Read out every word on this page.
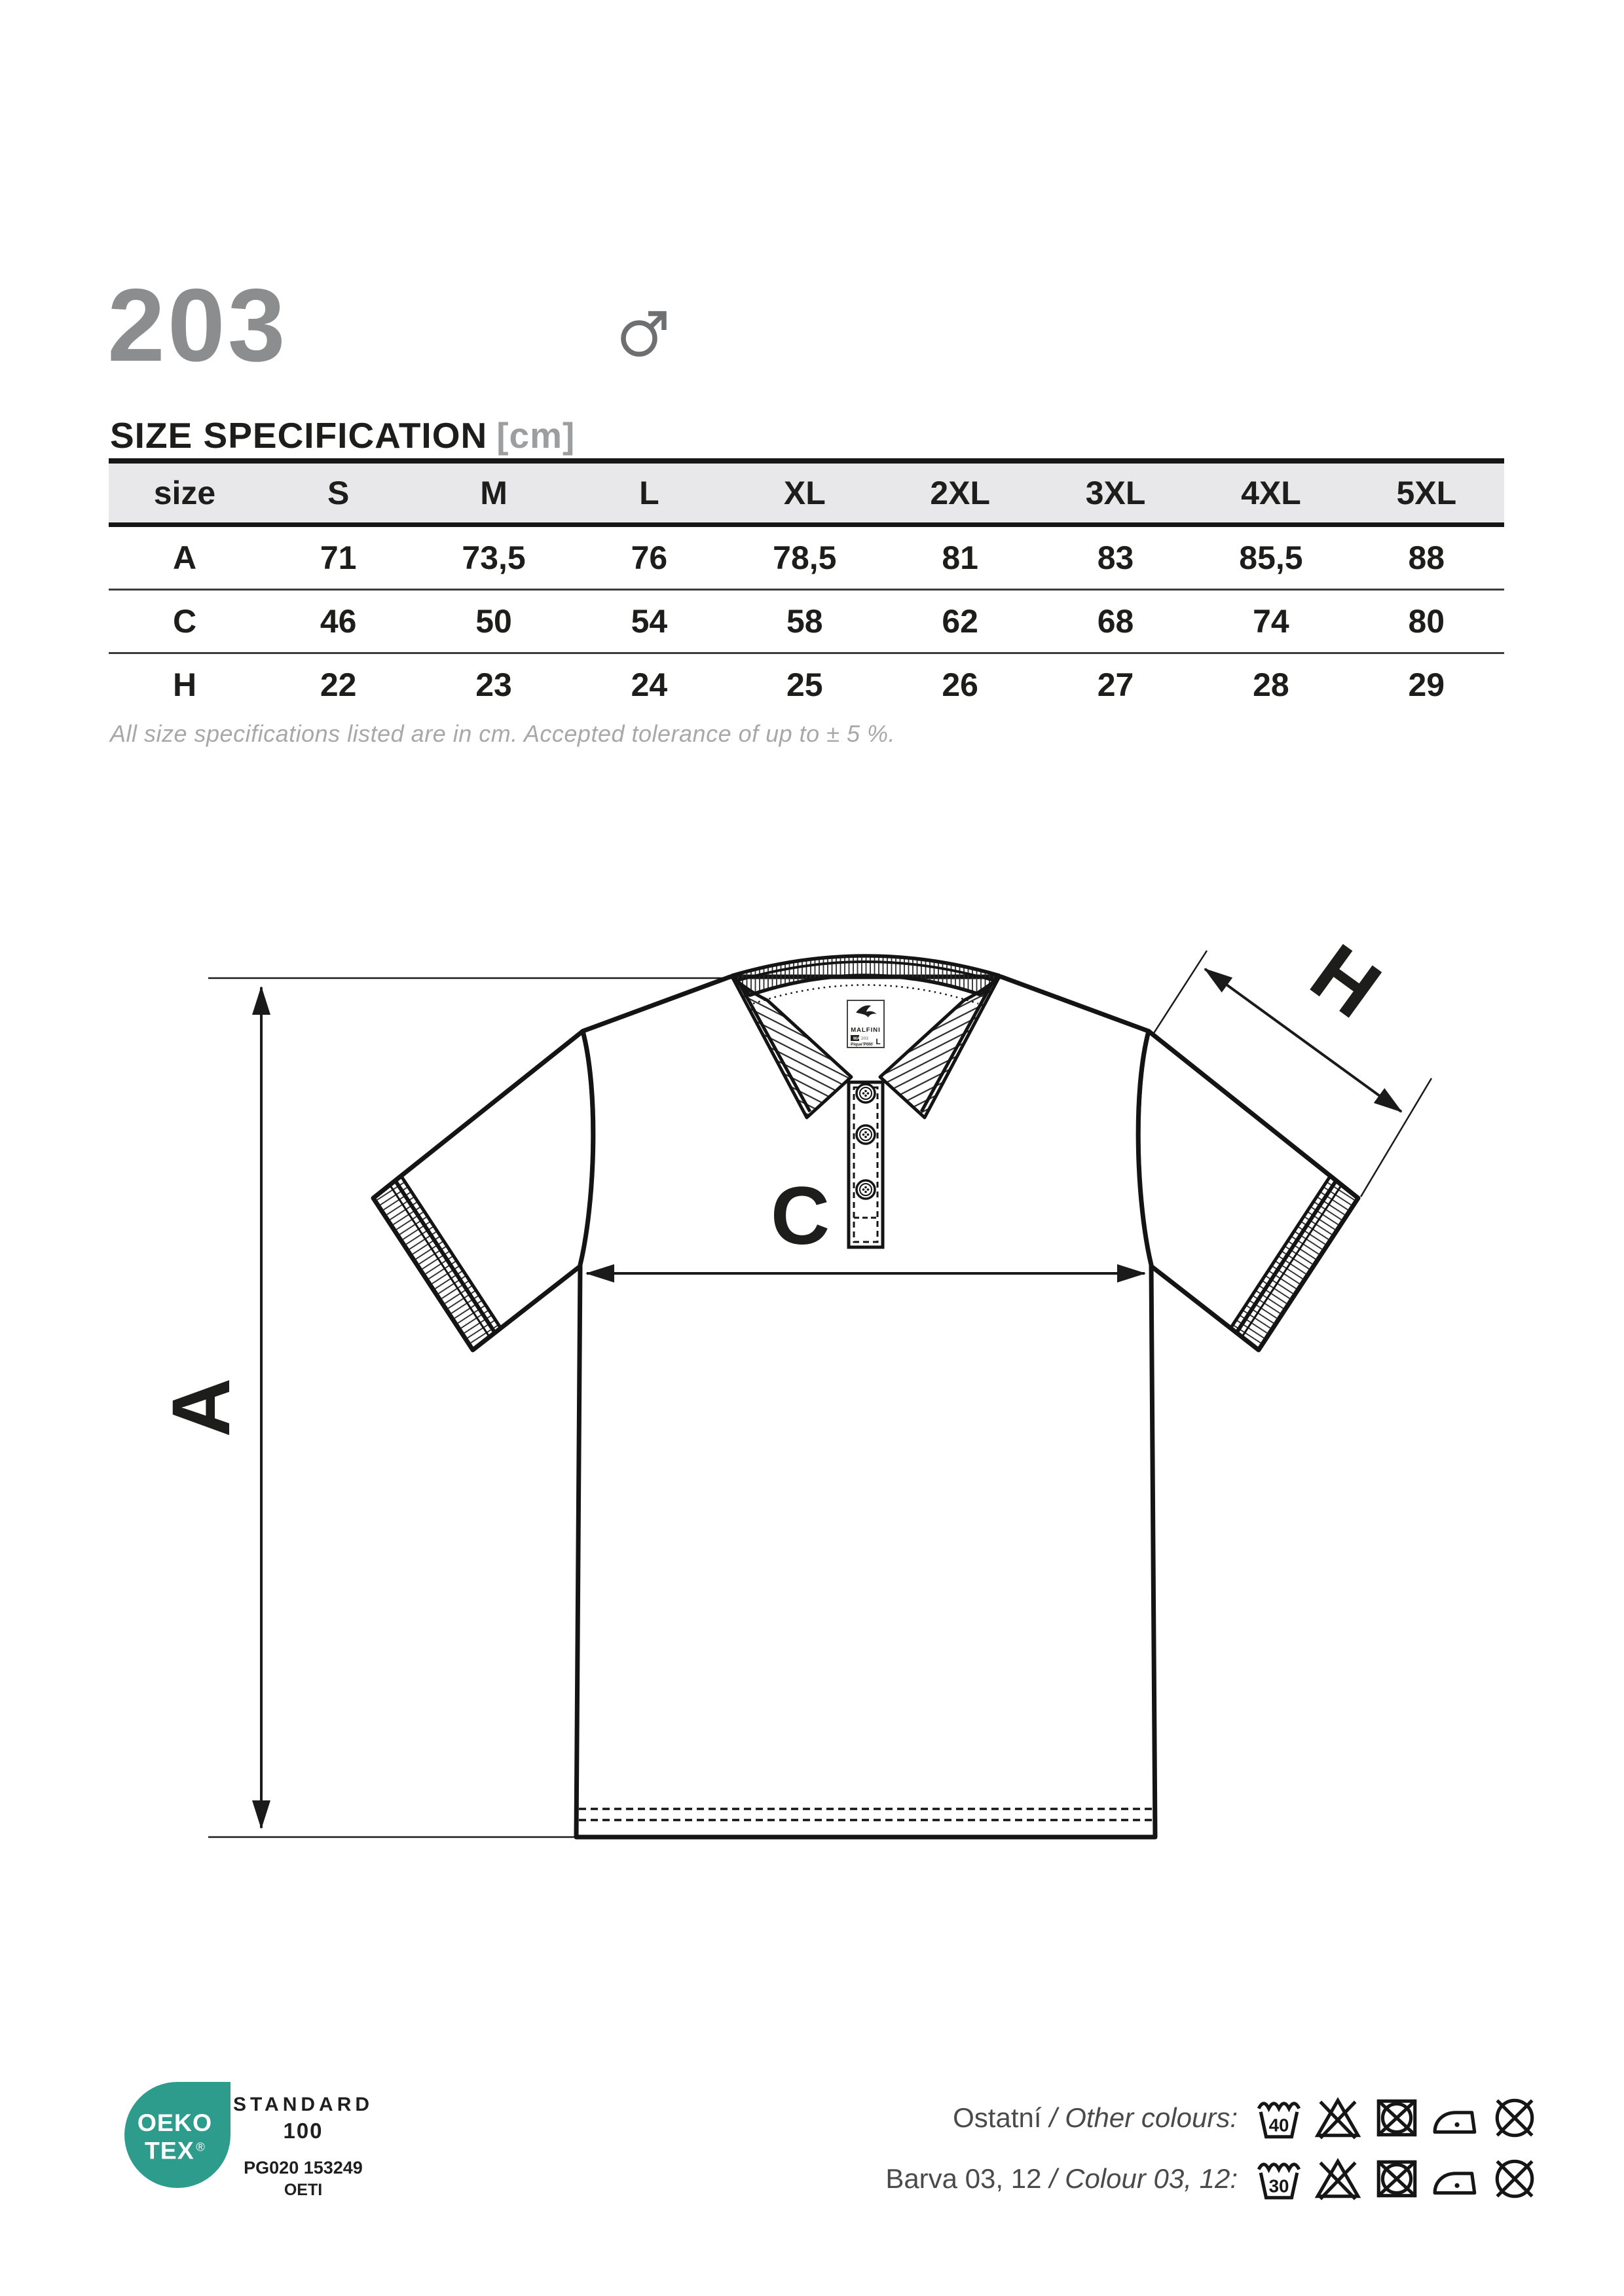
203
SIZE SPECIFICATION [cm]
size	S	M	L	XL	2XL	3XL	4XL	5XL
A	71	73,5	76	78,5	81	83	85,5	88
C	46	50	54	58	62	68	74	80
H	22	23	24	25	26	27	28	29
All size specifications listed are in cm. Accepted tolerance of up to ± 5 %.
MALFINI
MAN
203 L
Pique Polo
A
C
H
OEKO
TEX ®
STANDARD
100
PG020 153249
OETI
Ostatní / Other colours: 40
Barva 03, 12 / Colour 03, 12: 30
